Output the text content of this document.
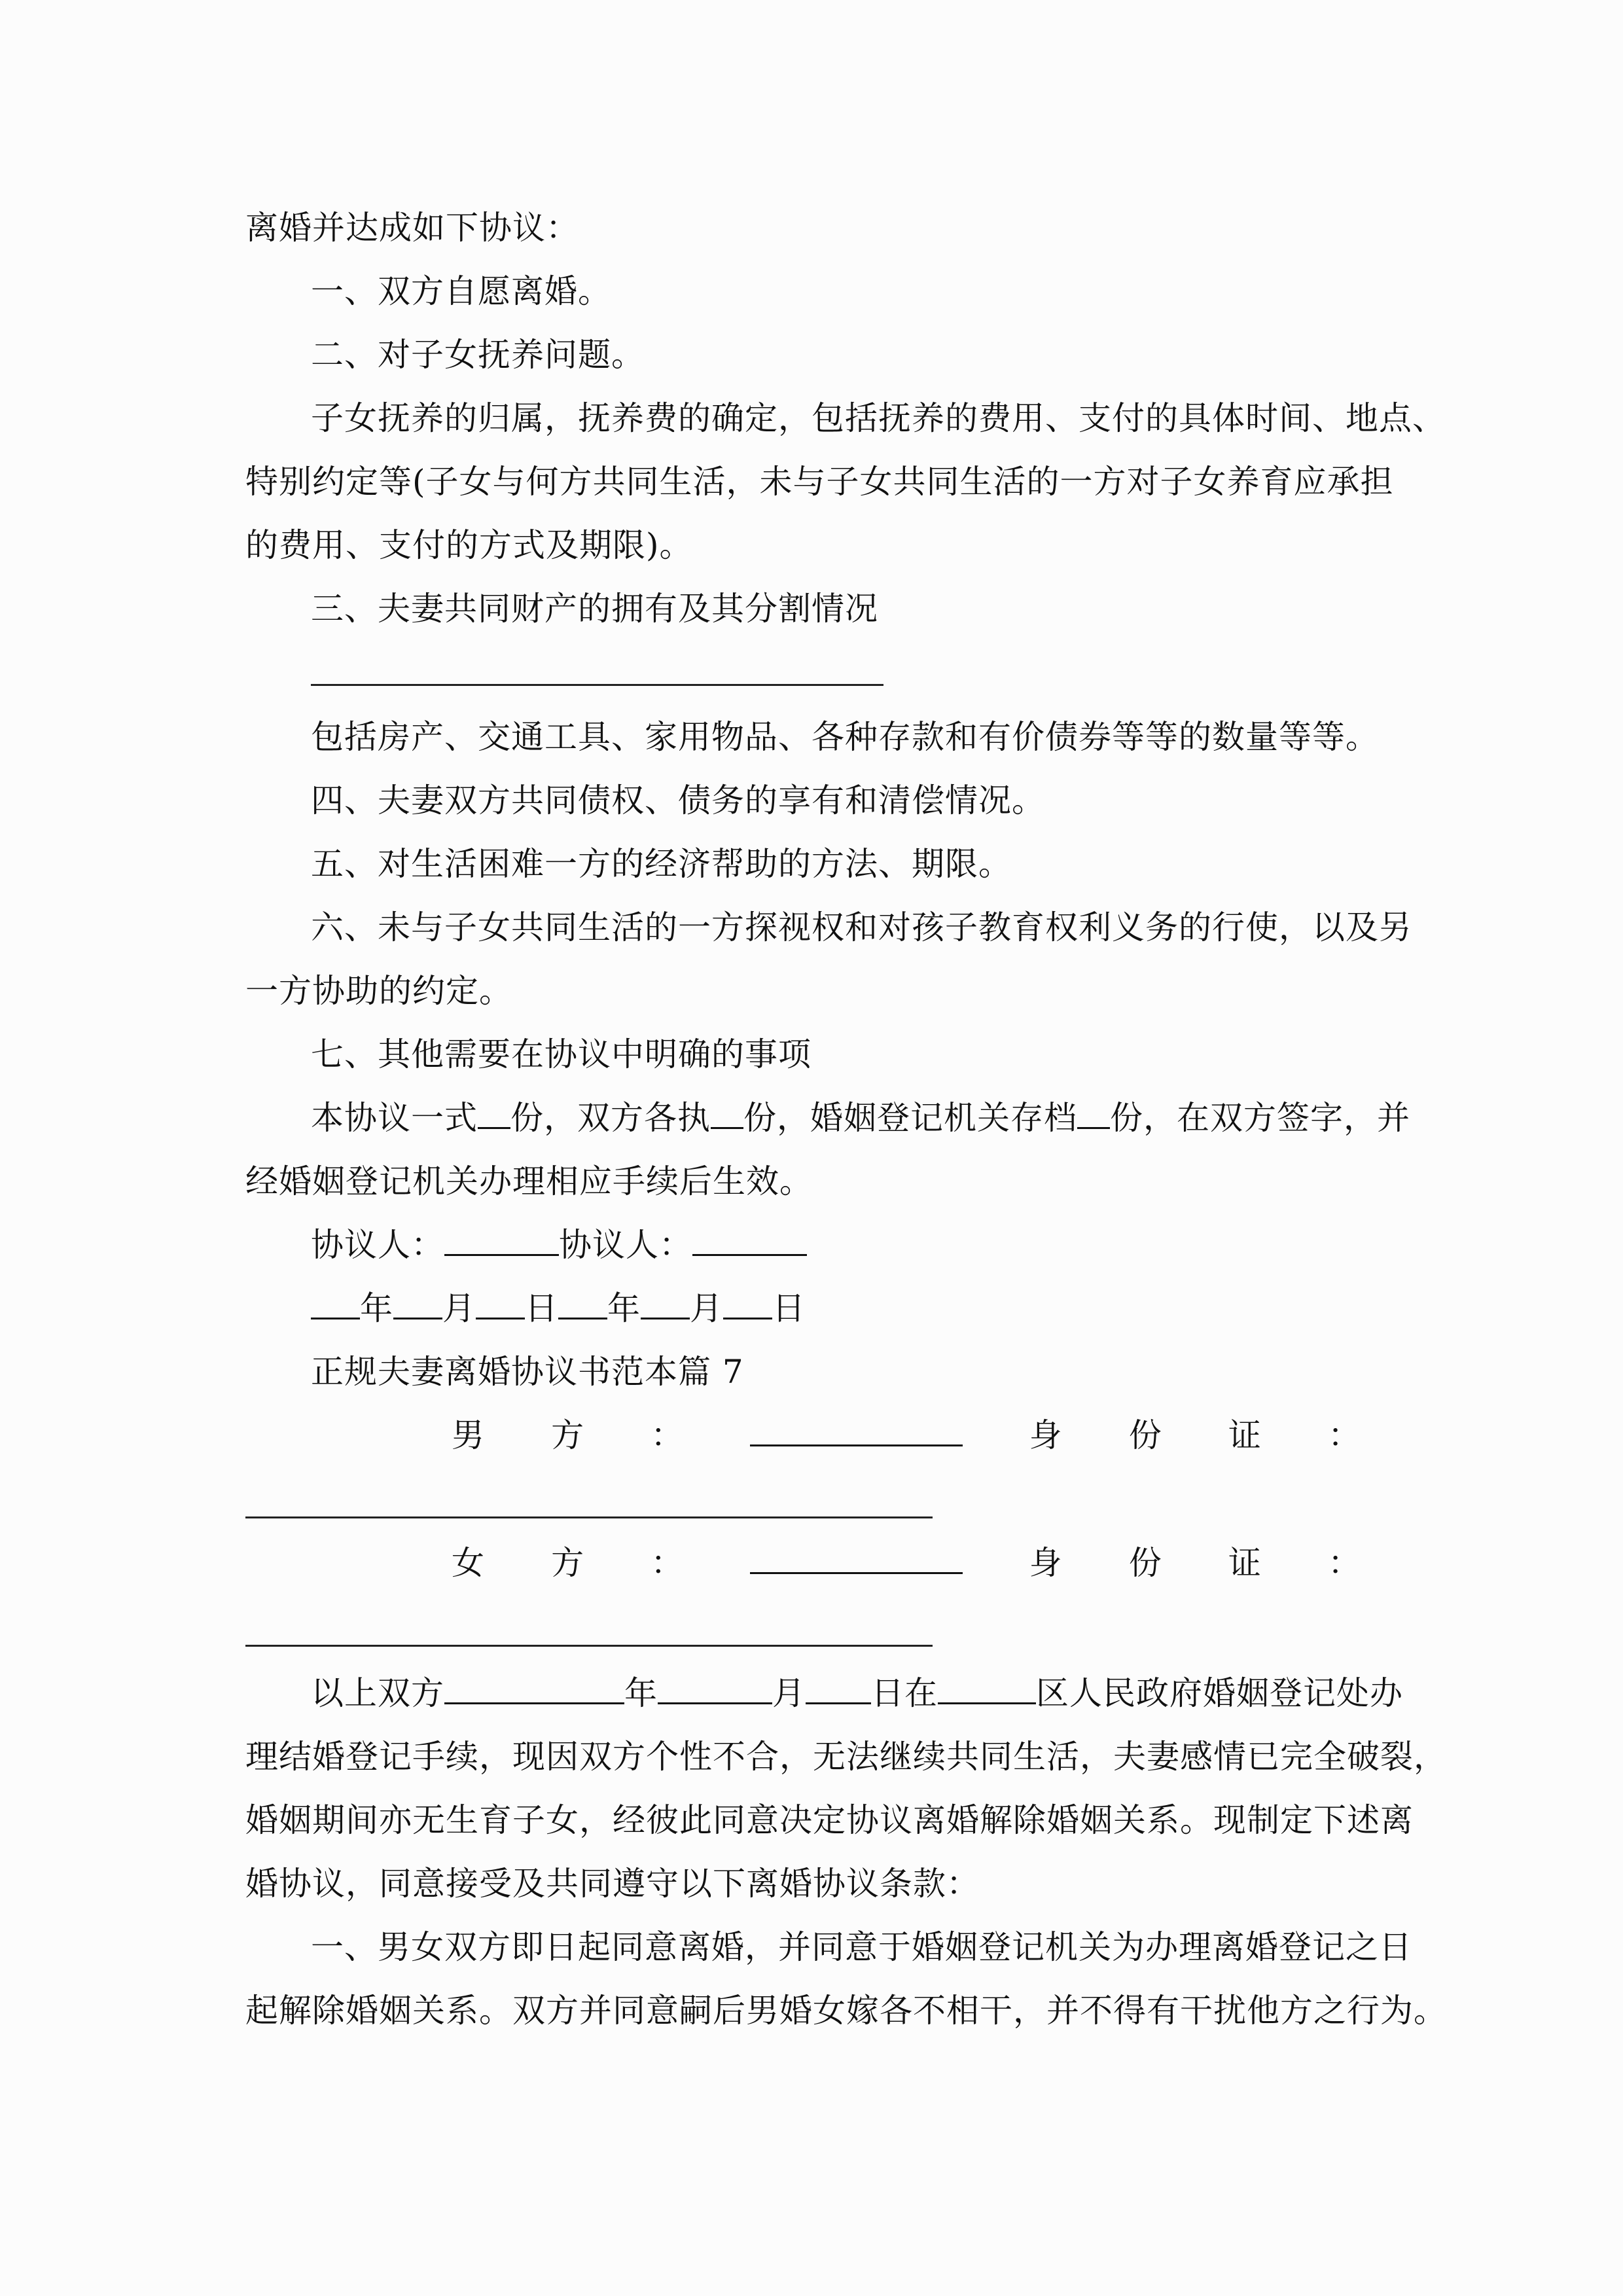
离婚并达成如下协议：
一、双方自愿离婚。
二、对子女抚养问题。
子女抚养的归属，抚养费的确定，包括抚养的费用、支付的具体时间、地点、
特别约定等(子女与何方共同生活，未与子女共同生活的一方对子女养育应承担
的费用、支付的方式及期限)。
三、夫妻共同财产的拥有及其分割情况
包括房产、交通工具、家用物品、各种存款和有价债券等等的数量等等。
四、夫妻双方共同债权、债务的享有和清偿情况。
五、对生活困难一方的经济帮助的方法、期限。
六、未与子女共同生活的一方探视权和对孩子教育权利义务的行使，以及另
一方协助的约定。
七、其他需要在协议中明确的事项
本协议一式 份，双方各执 份，婚姻登记机关存档 份，在双方签字，并
经婚姻登记机关办理相应手续后生效。
协议人：	协议人：
年 月 日 年 月 日
正规夫妻离婚协议书范本篇 7
男 方 ：	身 份 证 ：
女 方 ：	身 份 证 ：
以上双方	年	月 日在	区人民政府婚姻登记处办
理结婚登记手续，现因双方个性不合，无法继续共同生活，夫妻感情已完全破裂，
婚姻期间亦无生育子女，经彼此同意决定协议离婚解除婚姻关系。现制定下述离
婚协议，同意接受及共同遵守以下离婚协议条款：
一、男女双方即日起同意离婚，并同意于婚姻登记机关为办理离婚登记之日
起解除婚姻关系。双方并同意嗣后男婚女嫁各不相干，并不得有干扰他方之行为。
